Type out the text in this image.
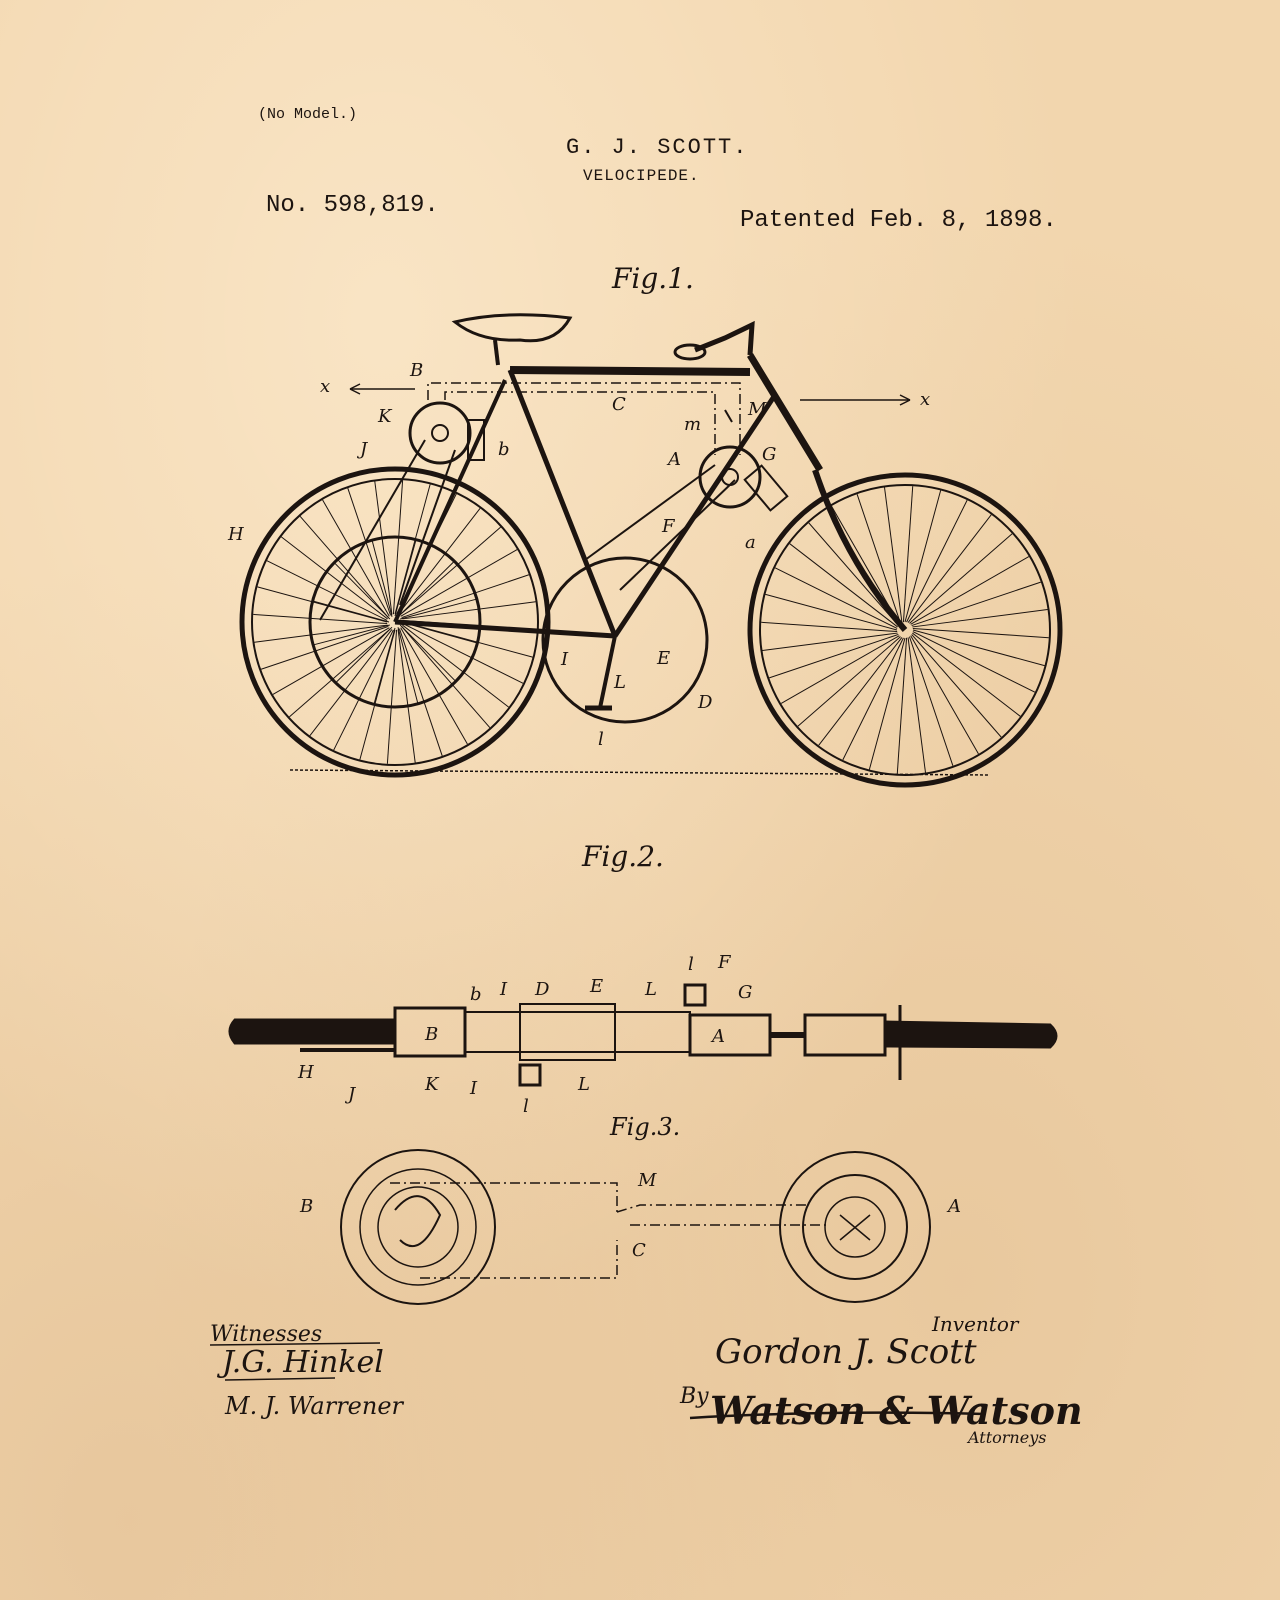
(No Model.)
G. J. SCOTT.
VELOCIPEDE.
No. 598,819.
Patented Feb. 8, 1898.
Fig.1.
Fig.2.
Fig.3.
x
x
B
K
J	b
C
m
M
A	G
H	F
a
I	E
L
D
l
b I D E L
l F
G
B	A
H
J	K I	L
l
B
M
C
A
Witnesses
J.G. Hinkel
M. J. Warrener
Inventor
Gordon J. Scott
By Watson & Watson
Attorneys
